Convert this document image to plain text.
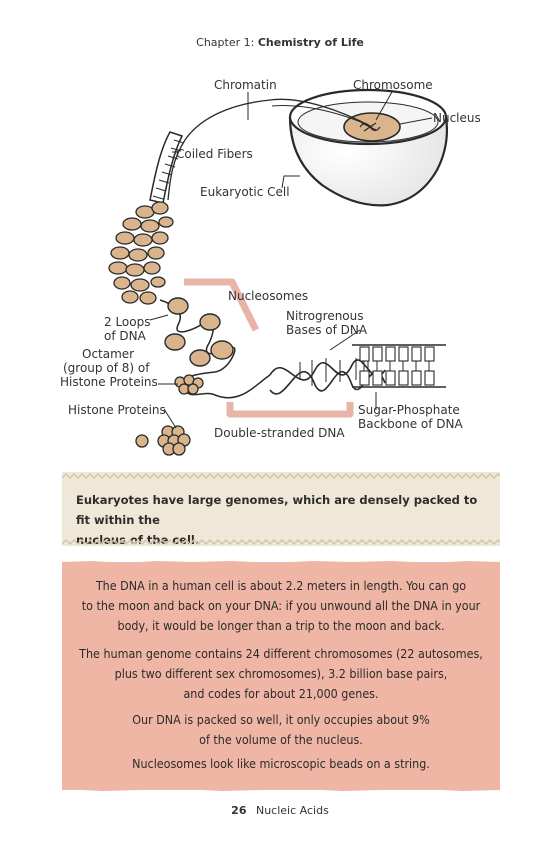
Chapter 1: Chemistry of Life
Chromatin	Chromosome
Nucleus
Coiled Fibers
Eukaryotic Cell
Nucleosomes
2 Loops
of DNA
Nitrogrenous
Bases of DNA
Octamer
(group of 8) of
Histone Proteins
Histone Proteins
Double-stranded DNA
Sugar-Phosphate
Backbone of DNA
Eukaryotes have large genomes, which are densely packed to fit within the
nucleus of the cell.

The DNA in a human cell is about 2.2 meters in length. You can go
to the moon and back on your DNA: if you unwound all the DNA in your
body, it would be longer than a trip to the moon and back.

The human genome contains 24 different chromosomes (22 autosomes,
plus two different sex chromosomes), 3.2 billion base pairs,
and codes for about 21,000 genes.

Our DNA is packed so well, it only occupies about 9%
of the volume of the nucleus.

Nucleosomes look like microscopic beads on a string.

26 Nucleic Acids
